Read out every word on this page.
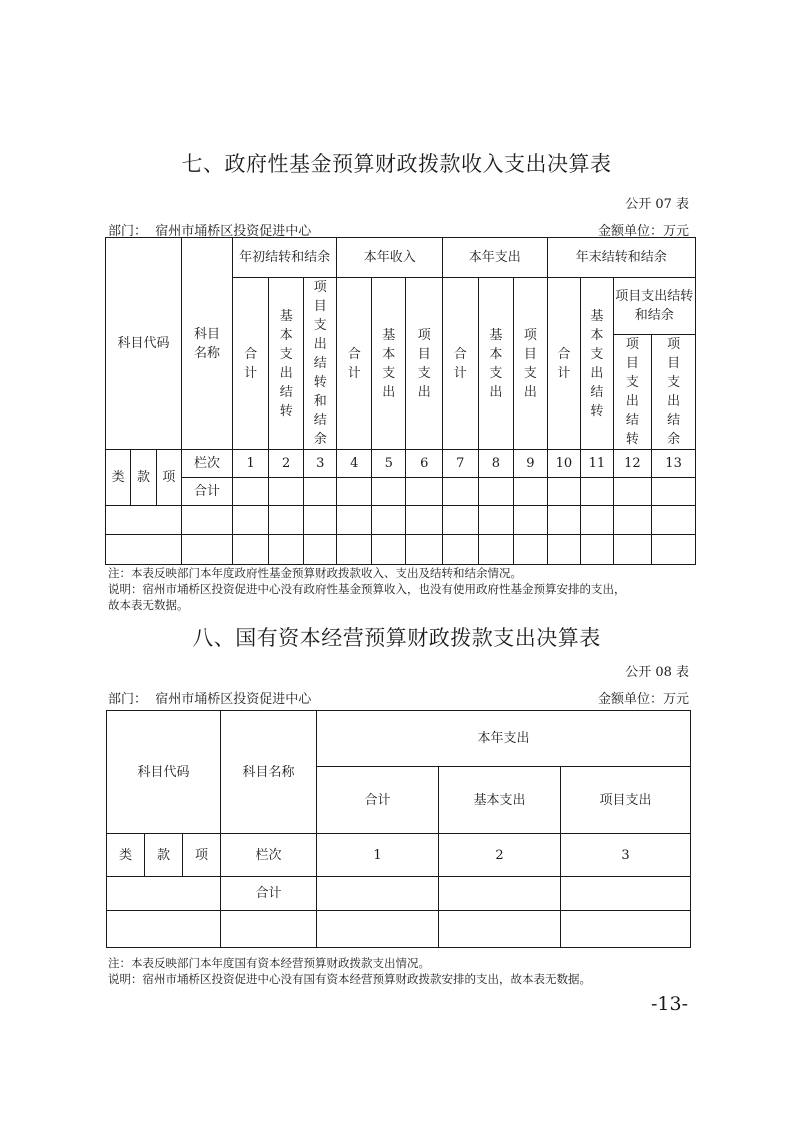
七、政府性基金预算财政拨款收入支出决算表
公开 07 表
部门： 宿州市埇桥区投资促进中心	金额单位：万元
科目代码			科目名称	年初结转和结余			本年收入			本年支出			年末结转和结余			

				合计	基本支出结转	项目支出结转和结余	合计	基本支出	项目支出	合计	基本支出	项目支出	合计	基本支出结转	项目支出结转和结余	

															项目支出结转	项目支出结余

类	款	项	栏次	1	2	3	4	5	6	7	8	9	10	11	12	13
			合计													

注：本表反映部门本年度政府性基金预算财政拨款收入、支出及结转和结余情况。
说明：宿州市埇桥区投资促进中心没有政府性基金预算收入，也没有使用政府性基金预算安排的支出，
故本表无数据。
八、国有资本经营预算财政拨款支出决算表
公开 08 表
部门： 宿州市埇桥区投资促进中心	金额单位：万元
科目代码			科目名称	本年支出		
				合计	基本支出	项目支出
类	款	项	栏次	1	2	3
			合计			

注：本表反映部门本年度国有资本经营预算财政拨款支出情况。
说明：宿州市埇桥区投资促进中心没有国有资本经营预算财政拨款安排的支出，故本表无数据。
-13-
